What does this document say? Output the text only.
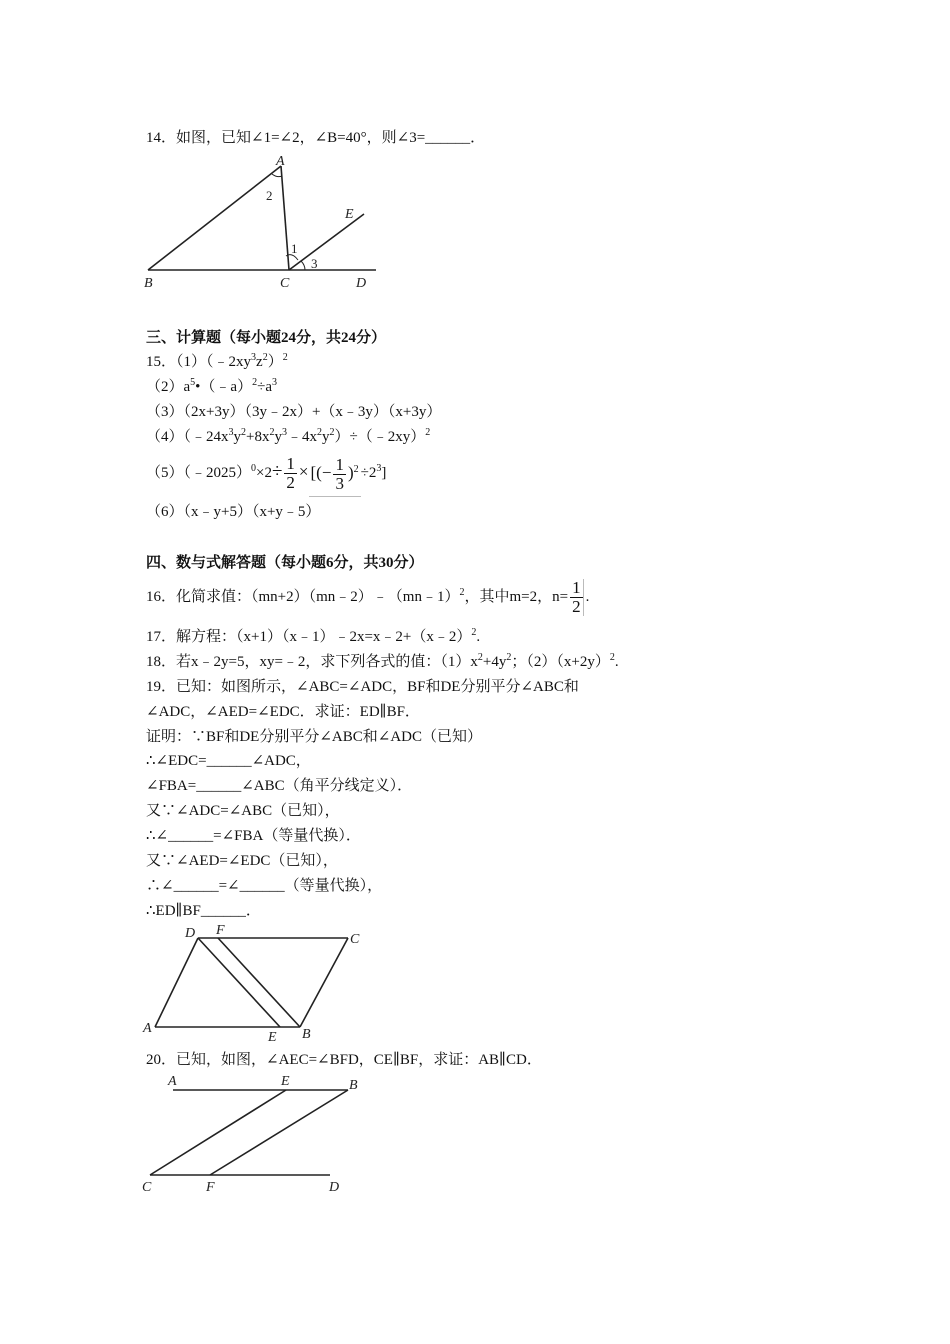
14．如图，已知∠1=∠2，∠B=40°，则∠3=______．
A
B	C	D
E
1
2
3
三、计算题（每小题24分，共24分）
15．$(1)(﹣2xy^3z^2)^2$
$(2)a^5•(﹣a)^2\div a^3$
（3）（2x+3y）（3y﹣2x）+（x﹣3y）（x+3y）
$(4)(﹣24x^3y^2+8x^2y^3﹣4x^2y^2)\div(﹣2xy)^2$
（5）（﹣2025）$^0$×2÷ $\frac{1}{2}$ × [(− $\frac{1}{3} )^2 \div 2^3$]
（6）（x﹣y+5）（x+y﹣5）
四、数与式解答题（每小题6分，共30分）
16．化简求值：（mn+2）（mn﹣2）﹣（mn﹣1）$^2$，其中m=2，$n= \frac{1}{2}$ .
17．解方程：（x+1）（x﹣1）﹣2x=x﹣2+（x﹣2）$^2$.
18．若x﹣2y=5，xy=﹣2，求下列各式的值：$(1)x^2+4y^2$；$(2)(x+2y)^2$.
19．已知：如图所示，∠ABC=∠ADC，BF和DE分别平分∠ABC和
∠ADC，∠AED=∠EDC．求证：ED∥BF．
证明：∵BF和DE分别平分∠ABC和∠ADC（已知）
∴∠EDC=______∠ADC，
∠FBA=______∠ABC（角平分线定义）．
又∵∠ADC=∠ABC（已知），
∴∠______=∠FBA（等量代换）．
又∵∠AED=∠EDC（已知），
∴∠______=∠______（等量代换），
∴ED∥BF______．
D F
C
A
E B
20．已知，如图，∠AEC=∠BFD，CE∥BF，求证：AB∥CD．
A	E	B
C	F	D
